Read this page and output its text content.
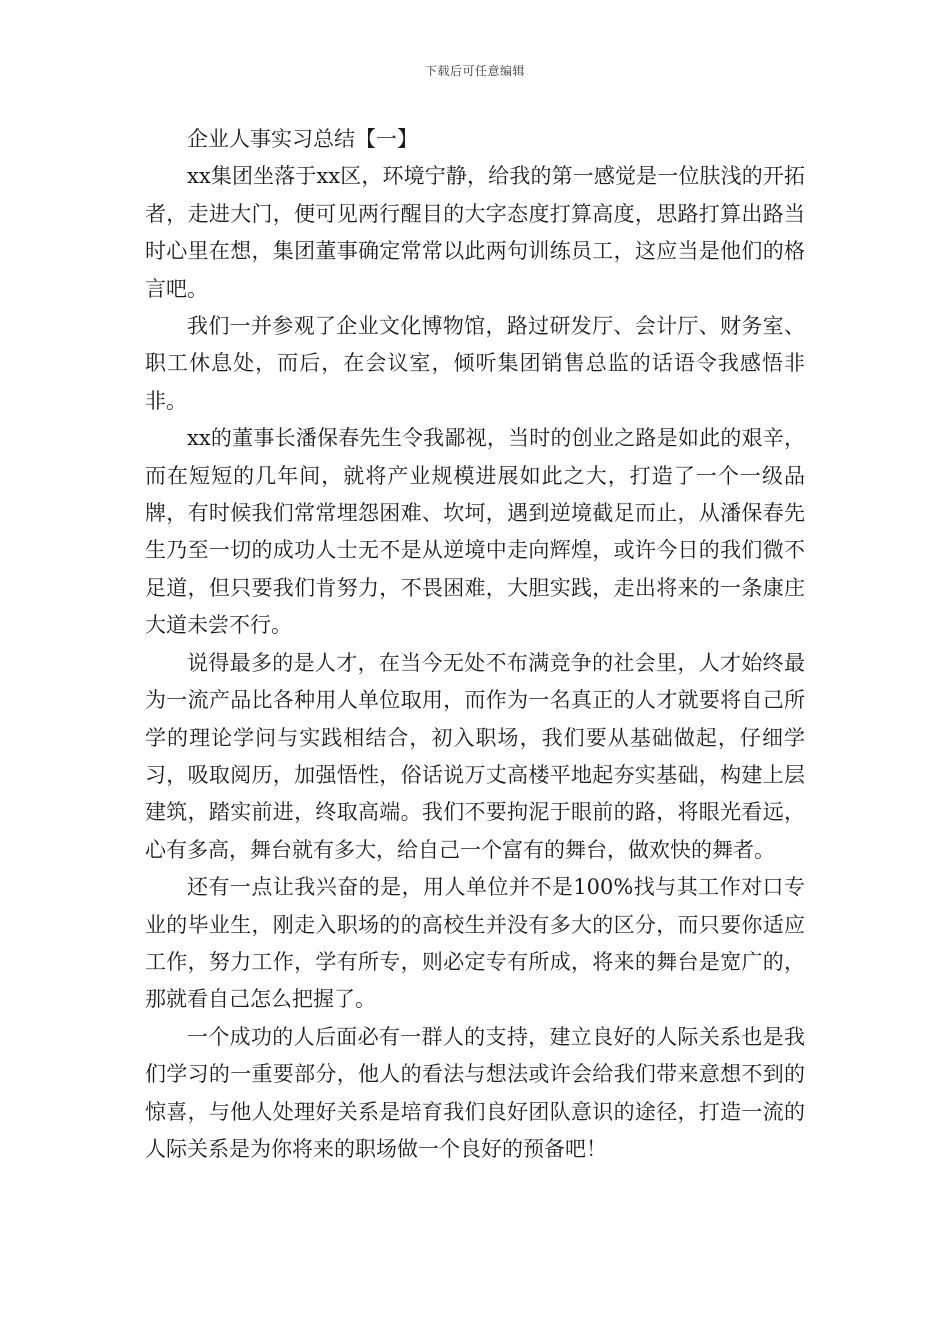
下载后可任意编辑
企业人事实习总结【一】

xx集团坐落于xx区，环境宁静，给我的第一感觉是一位肤浅的开拓者，走进大门，便可见两行醒目的大字态度打算高度，思路打算出路当时心里在想，集团董事确定常常以此两句训练员工，这应当是他们的格言吧。

我们一并参观了企业文化博物馆，路过研发厅、会计厅、财务室、职工休息处，而后，在会议室，倾听集团销售总监的话语令我感悟非非。

xx的董事长潘保春先生令我鄙视，当时的创业之路是如此的艰辛，而在短短的几年间，就将产业规模进展如此之大，打造了一个一级品牌，有时候我们常常埋怨困难、坎坷，遇到逆境截足而止，从潘保春先生乃至一切的成功人士无不是从逆境中走向辉煌，或许今日的我们微不足道，但只要我们肯努力，不畏困难，大胆实践，走出将来的一条康庄大道未尝不行。

说得最多的是人才，在当今无处不布满竞争的社会里，人才始终最为一流产品比各种用人单位取用，而作为一名真正的人才就要将自己所学的理论学问与实践相结合，初入职场，我们要从基础做起，仔细学习，吸取阅历，加强悟性，俗话说万丈高楼平地起夯实基础，构建上层建筑，踏实前进，终取高端。我们不要拘泥于眼前的路，将眼光看远，心有多高，舞台就有多大，给自己一个富有的舞台，做欢快的舞者。

还有一点让我兴奋的是，用人单位并不是100%找与其工作对口专业的毕业生，刚走入职场的的高校生并没有多大的区分，而只要你适应工作，努力工作，学有所专，则必定专有所成，将来的舞台是宽广的，那就看自己怎么把握了。

一个成功的人后面必有一群人的支持，建立良好的人际关系也是我们学习的一重要部分，他人的看法与想法或许会给我们带来意想不到的惊喜，与他人处理好关系是培育我们良好团队意识的途径，打造一流的人际关系是为你将来的职场做一个良好的预备吧！
